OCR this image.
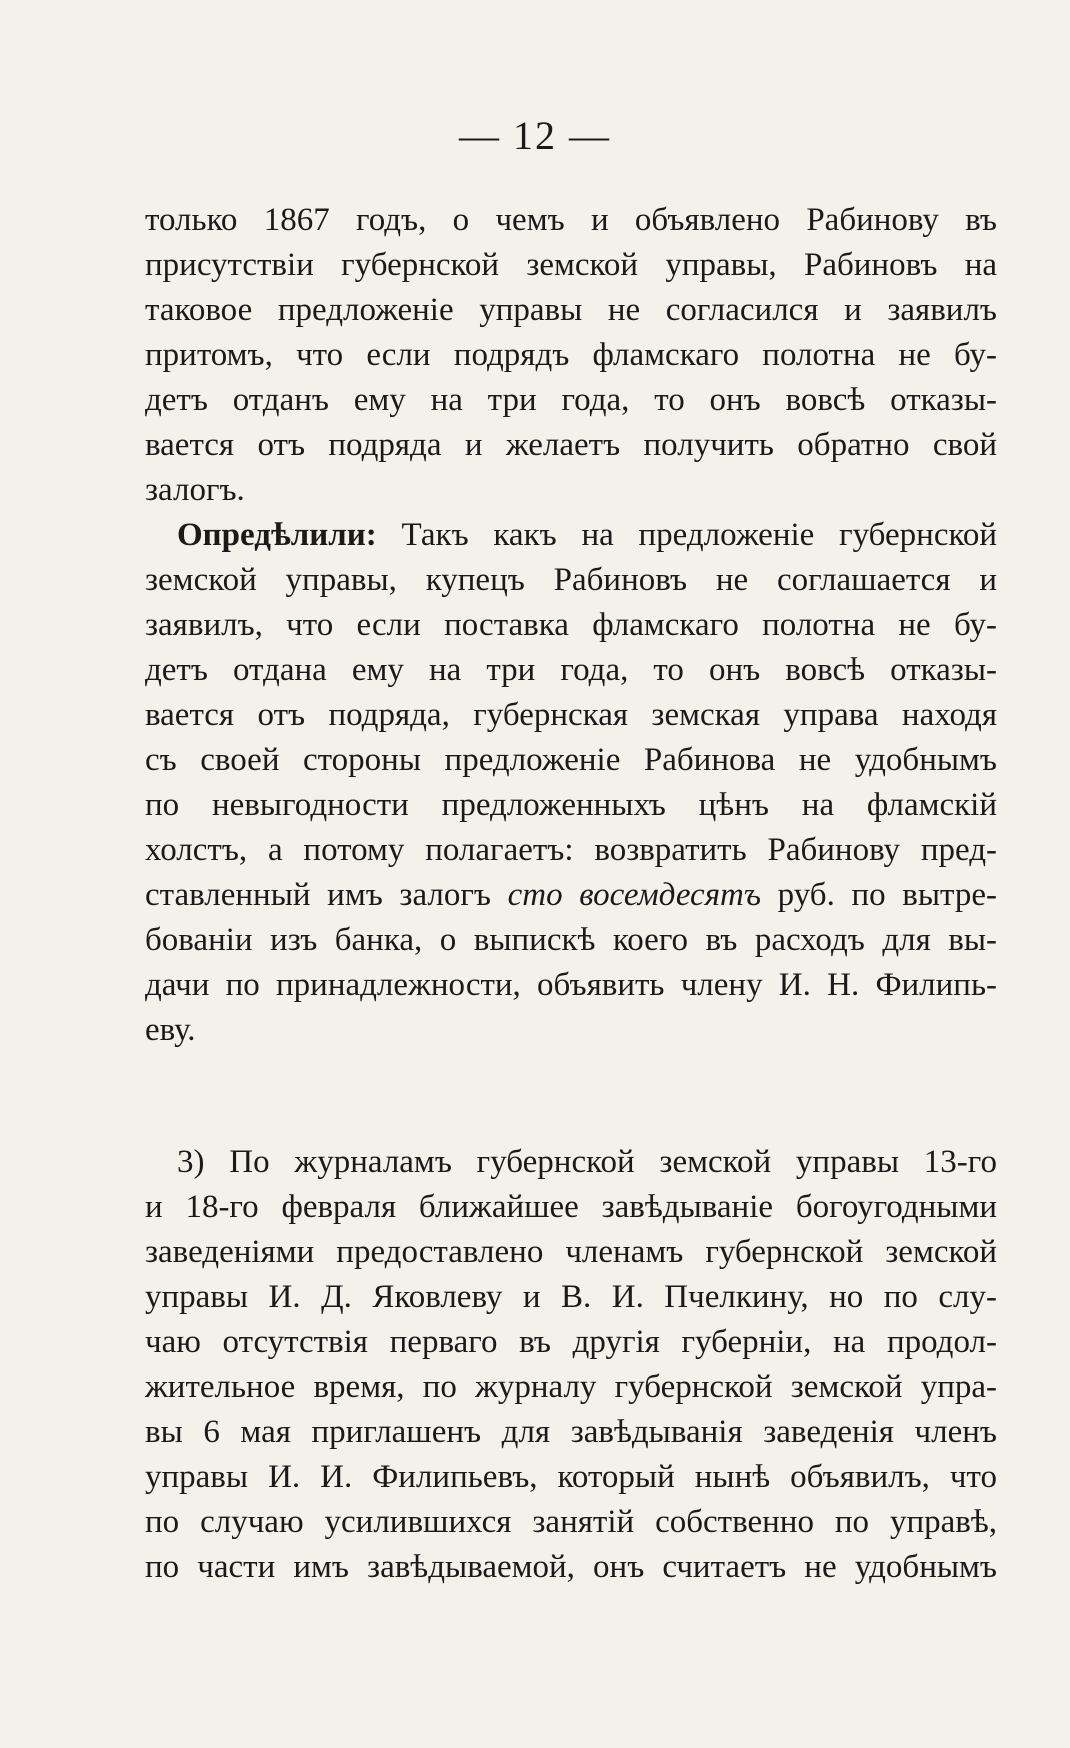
— 12 —
только 1867 годъ, о чемъ и объявлено Рабинову въ
присутствіи губернской земской управы, Рабиновъ на
таковое предложеніе управы не согласился и заявилъ
притомъ, что если подрядъ фламскаго полотна не бу-
детъ отданъ ему на три года, то онъ вовсѣ отказы-
вается отъ подряда и желаетъ получить обратно свой
залогъ.
Опредѣлили: Такъ какъ на предложеніе губернской
земской управы, купецъ Рабиновъ не соглашается и
заявилъ, что если поставка фламскаго полотна не бу-
детъ отдана ему на три года, то онъ вовсѣ отказы-
вается отъ подряда, губернская земская управа находя
съ своей стороны предложеніе Рабинова не удобнымъ
по невыгодности предложенныхъ цѣнъ на фламскій
холстъ, а потому полагаетъ: возвратить Рабинову пред-
ставленный имъ залогъ сто восемдесятъ руб. по вытре-
бованіи изъ банка, о выпискѣ коего въ расходъ для вы-
дачи по принадлежности, объявить члену И. Н. Филипь-
еву.
3) По журналамъ губернской земской управы 13-го
и 18-го февраля ближайшее завѣдываніе богоугодными
заведеніями предоставлено членамъ губернской земской
управы И. Д. Яковлеву и В. И. Пчелкину, но по слу-
чаю отсутствія перваго въ другія губерніи, на продол-
жительное время, по журналу губернской земской упра-
вы 6 мая приглашенъ для завѣдыванія заведенія членъ
управы И. И. Филипьевъ, который нынѣ объявилъ, что
по случаю усилившихся занятій собственно по управѣ,
по части имъ завѣдываемой, онъ считаетъ не удобнымъ
